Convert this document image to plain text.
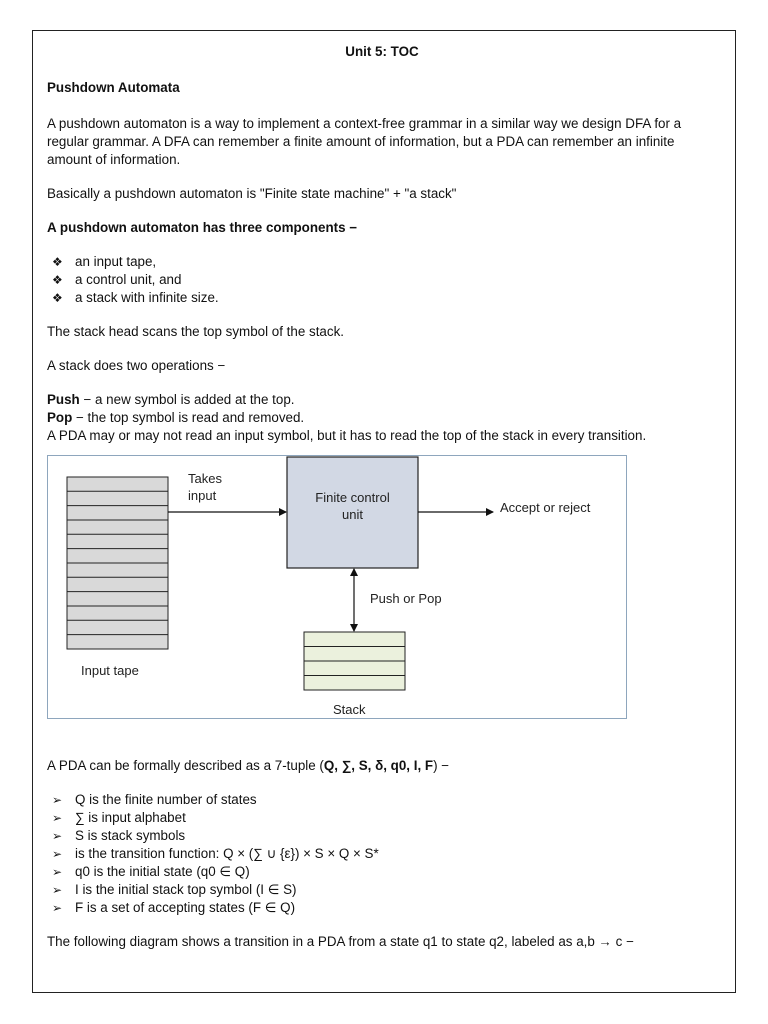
Unit 5: TOC
Pushdown Automata

A pushdown automaton is a way to implement a context-free grammar in a similar way we design DFA for a regular grammar. A DFA can remember a finite amount of information, but a PDA can remember an infinite amount of information.

Basically a pushdown automaton is "Finite state machine" + "a stack"

A pushdown automaton has three components −

❖ an input tape,
❖ a control unit, and
❖ a stack with infinite size.

The stack head scans the top symbol of the stack.

A stack does two operations −

Push − a new symbol is added at the top.
Pop − the top symbol is read and removed.
A PDA may or may not read an input symbol, but it has to read the top of the stack in every transition.
Takes
input	Finite control
unit	Accept or reject
Push or Pop
Input tape
Stack

A PDA can be formally described as a 7-tuple (Q, ∑, S, δ, q0, I, F) −

➢ Q is the finite number of states
➢ ∑ is input alphabet
➢ S is stack symbols
➢ is the transition function: Q × (∑ ∪ {ε}) × S × Q × S*
➢ q0 is the initial state (q0 ∈ Q)
➢ I is the initial stack top symbol (I ∈ S)
➢ F is a set of accepting states (F ∈ Q)

The following diagram shows a transition in a PDA from a state q1 to state q2, labeled as a,b → c −
